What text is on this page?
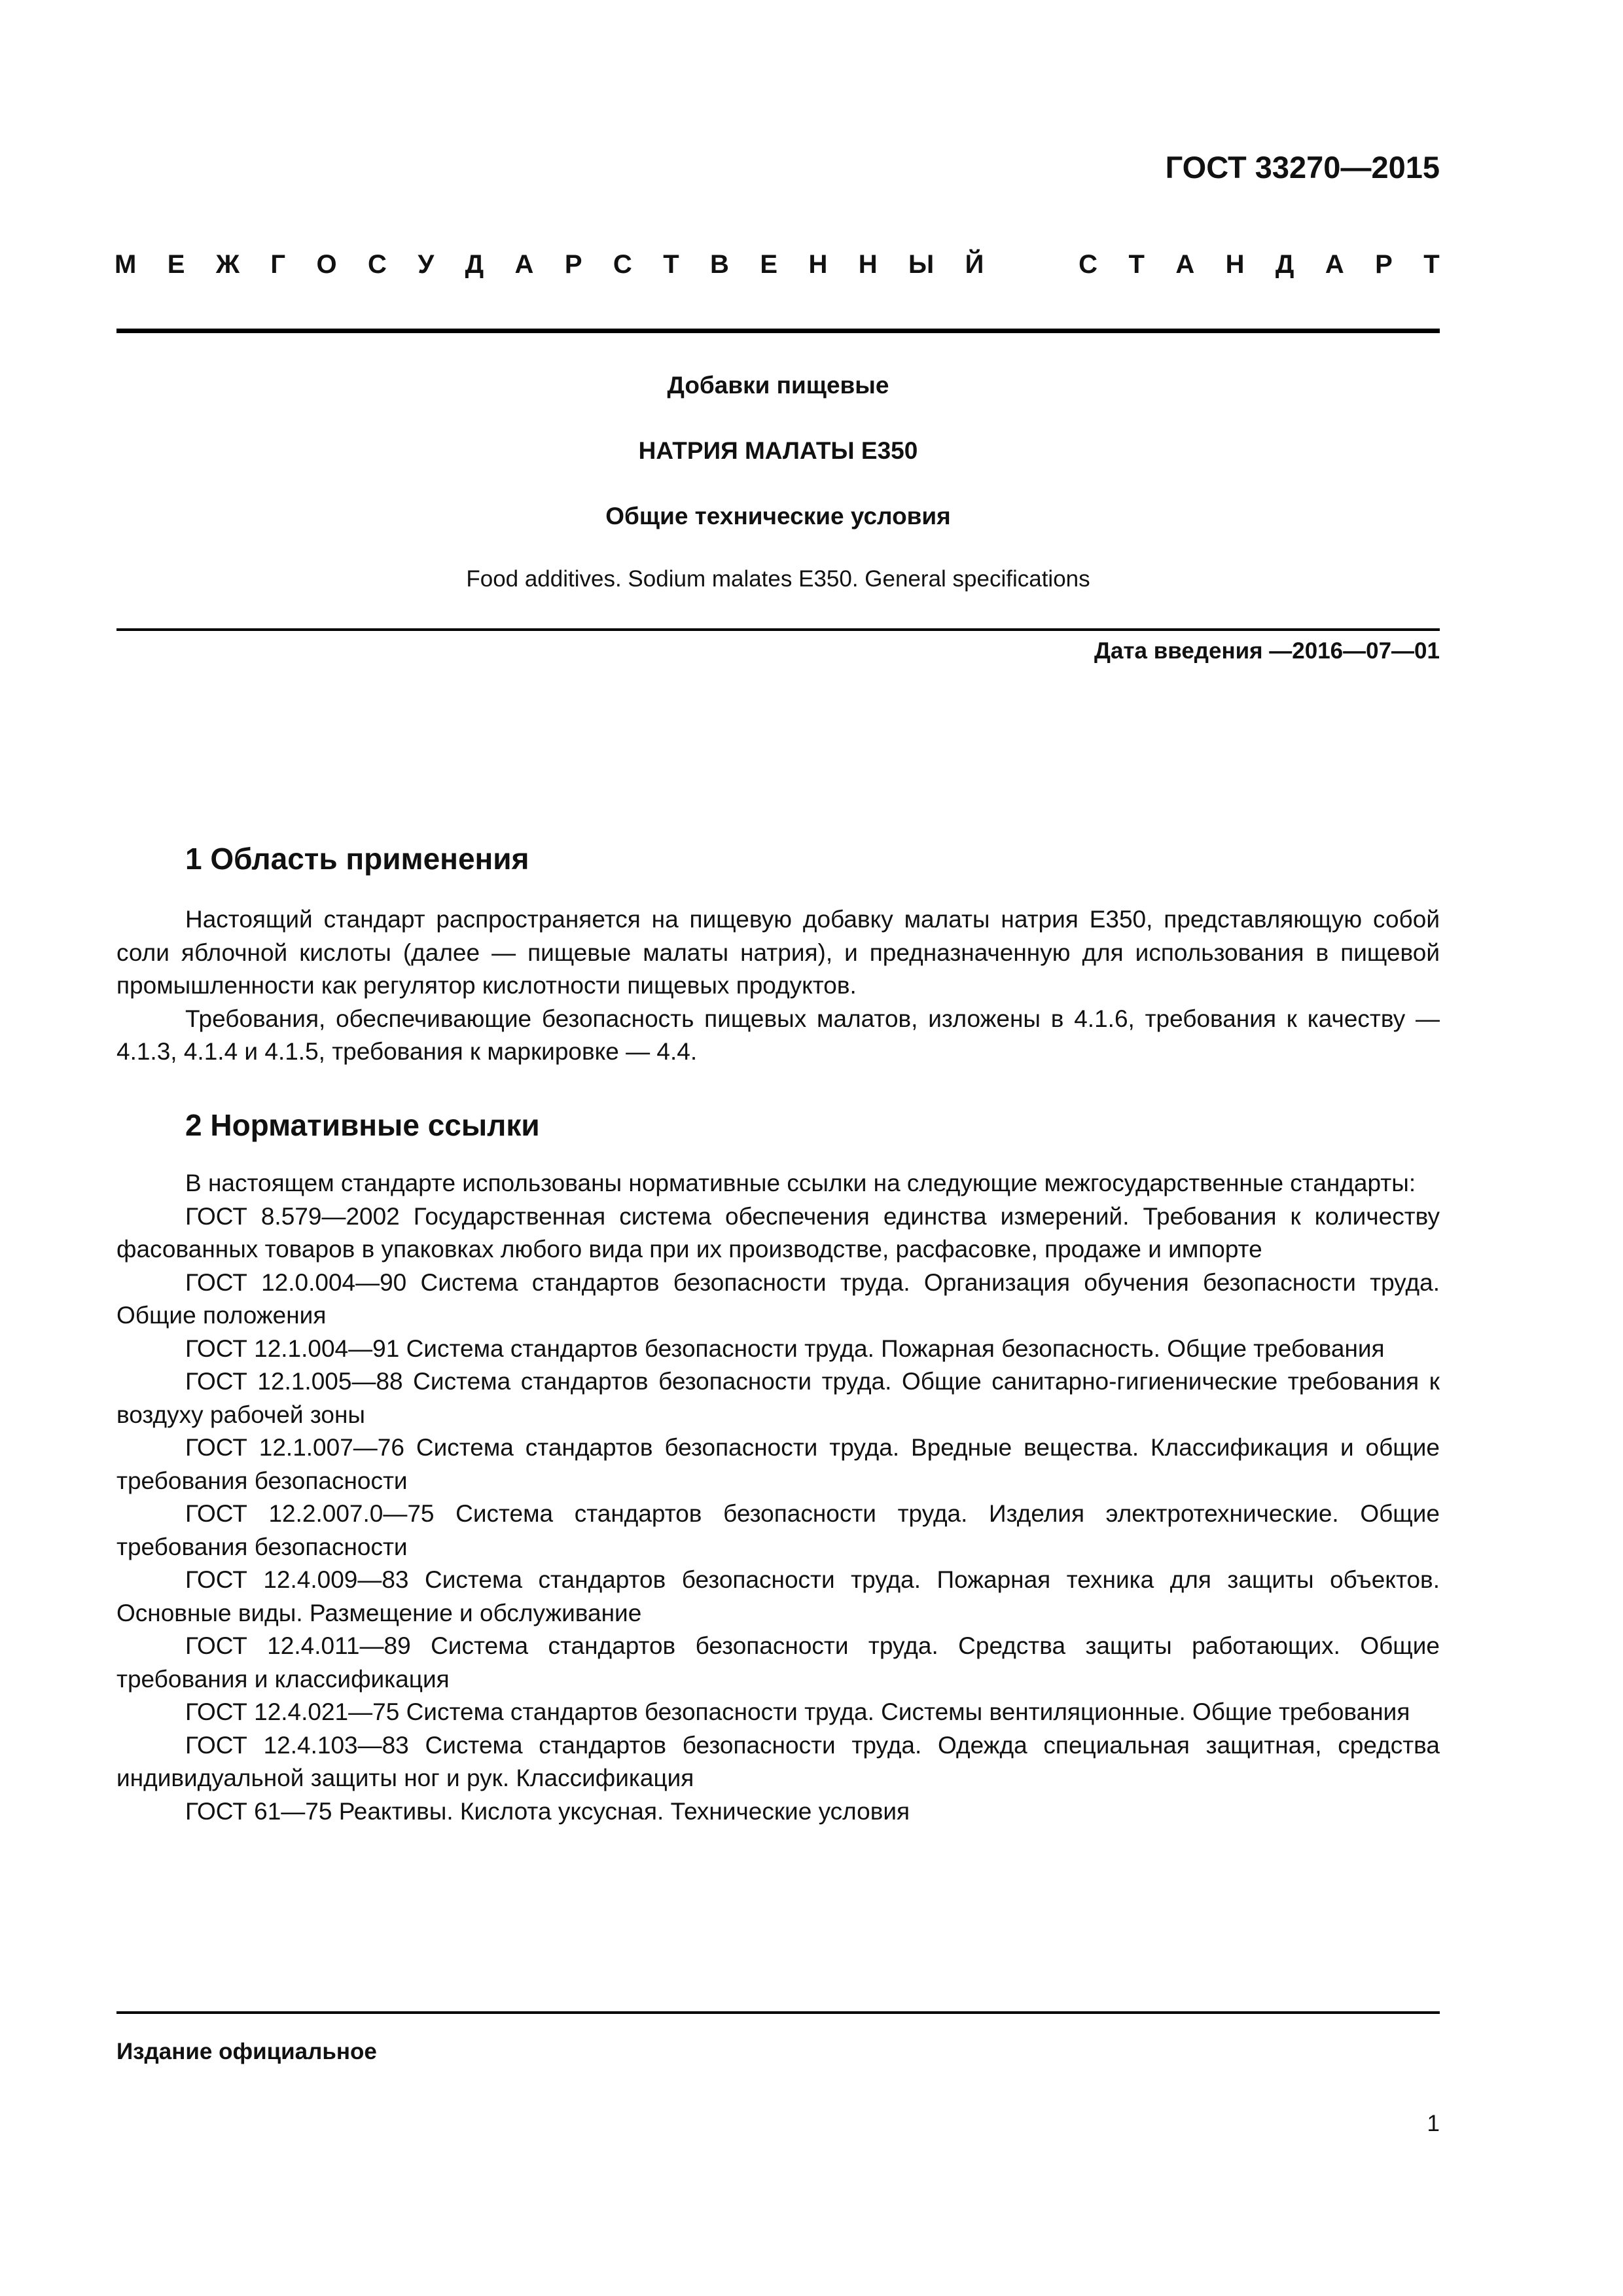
ГОСТ 33270—2015
М Е Ж Г О С У Д А Р С Т В Е Н Н Ы Й	С Т А Н Д А Р Т
Добавки пищевые
НАТРИЯ МАЛАТЫ Е350
Общие технические условия
Food additives. Sodium malates E350. General specifications
Дата введения —2016—07—01
1 Область применения

Настоящий стандарт распространяется на пищевую добавку малаты натрия Е350, представляющую собой соли яблочной кислоты (далее — пищевые малаты натрия), и предназначенную для использования в пищевой промышленности как регулятор кислотности пищевых продуктов.

Требования, обеспечивающие безопасность пищевых малатов, изложены в 4.1.6, требования к качеству — 4.1.3, 4.1.4 и 4.1.5, требования к маркировке — 4.4.

2 Нормативные ссылки

В настоящем стандарте использованы нормативные ссылки на следующие межгосударственные стандарты:

ГОСТ 8.579—2002 Государственная система обеспечения единства измерений. Требования к количеству фасованных товаров в упаковках любого вида при их производстве, расфасовке, продаже и импорте

ГОСТ 12.0.004—90 Система стандартов безопасности труда. Организация обучения безопасности труда. Общие положения

ГОСТ 12.1.004—91 Система стандартов безопасности труда. Пожарная безопасность. Общие требования

ГОСТ 12.1.005—88 Система стандартов безопасности труда. Общие санитарно-гигиенические требования к воздуху рабочей зоны

ГОСТ 12.1.007—76 Система стандартов безопасности труда. Вредные вещества. Классификация и общие требования безопасности

ГОСТ 12.2.007.0—75 Система стандартов безопасности труда. Изделия электротехнические. Общие требования безопасности

ГОСТ 12.4.009—83 Система стандартов безопасности труда. Пожарная техника для защиты объектов. Основные виды. Размещение и обслуживание

ГОСТ 12.4.011—89 Система стандартов безопасности труда. Средства защиты работающих. Общие требования и классификация

ГОСТ 12.4.021—75 Система стандартов безопасности труда. Системы вентиляционные. Общие требования

ГОСТ 12.4.103—83 Система стандартов безопасности труда. Одежда специальная защитная, средства индивидуальной защиты ног и рук. Классификация

ГОСТ 61—75 Реактивы. Кислота уксусная. Технические условия

Издание официальное
1
